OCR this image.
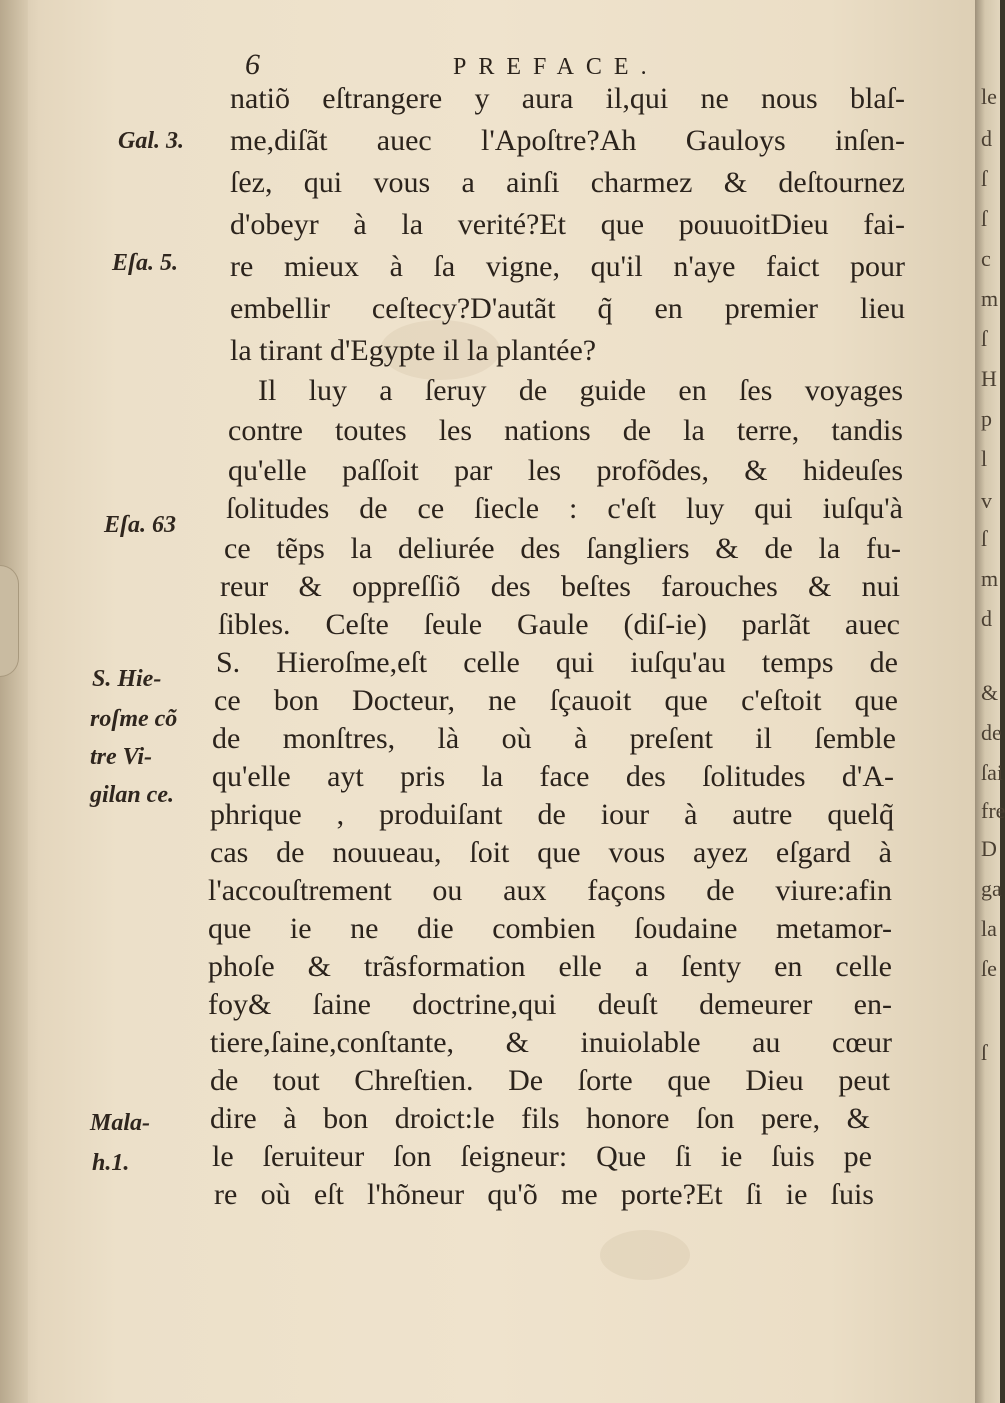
6	PREFACE.
natiõ eſtrangere y aura il,qui ne nous blaſ-
me,diſãt auec l'Apoſtre?Ah Gauloys inſen-
ſez, qui vous a ainſi charmez & deſtournez
d'obeyr à la verité?Et que pouuoitDieu fai-
re mieux à ſa vigne, qu'il n'aye faict pour
embellir ceſtecy?D'autãt q̃ en premier lieu
la tirant d'Egypte il la plantée?
Il luy a ſeruy de guide en ſes voyages
contre toutes les nations de la terre, tandis
qu'elle paſſoit par les profõdes, & hideuſes
ſolitudes de ce ſiecle : c'eſt luy qui iuſqu'à
ce tẽps la deliurée des ſangliers & de la fu-
reur & oppreſſiõ des beſtes farouches & nui
ſibles. Ceſte ſeule Gaule (diſ-ie) parlãt auec
S. Hieroſme,eſt celle qui iuſqu'au temps de
ce bon Docteur, ne ſçauoit que c'eſtoit que
de monſtres, là où à preſent il ſemble
qu'elle ayt pris la face des ſolitudes d'A-
phrique , produiſant de iour à autre quelq̃
cas de nouueau, ſoit que vous ayez eſgard à
l'accouſtrement ou aux façons de viure:afin
que ie ne die combien ſoudaine metamor-
phoſe & trãsformation elle a ſenty en celle
foy& ſaine doctrine,qui deuſt demeurer en-
tiere,ſaine,conſtante, & inuiolable au cœur
de tout Chreſtien. De ſorte que Dieu peut
dire à bon droict:le fils honore ſon pere, &
le ſeruiteur ſon ſeigneur: Que ſi ie ſuis pe
re où eſt l'hõneur qu'õ me porte?Et ſi ie ſuis
Gal. 3.
Eſa. 5.
Eſa. 63
S. Hie-
roſme cõ
tre Vi-
gilan ce.
Mala-
h.1.
le
d
ſ
ſ
c
m
ſ
H
p
l
v
ſ
m
d
&
de
ſai
fre
D
ga
la
ſe
ſ
